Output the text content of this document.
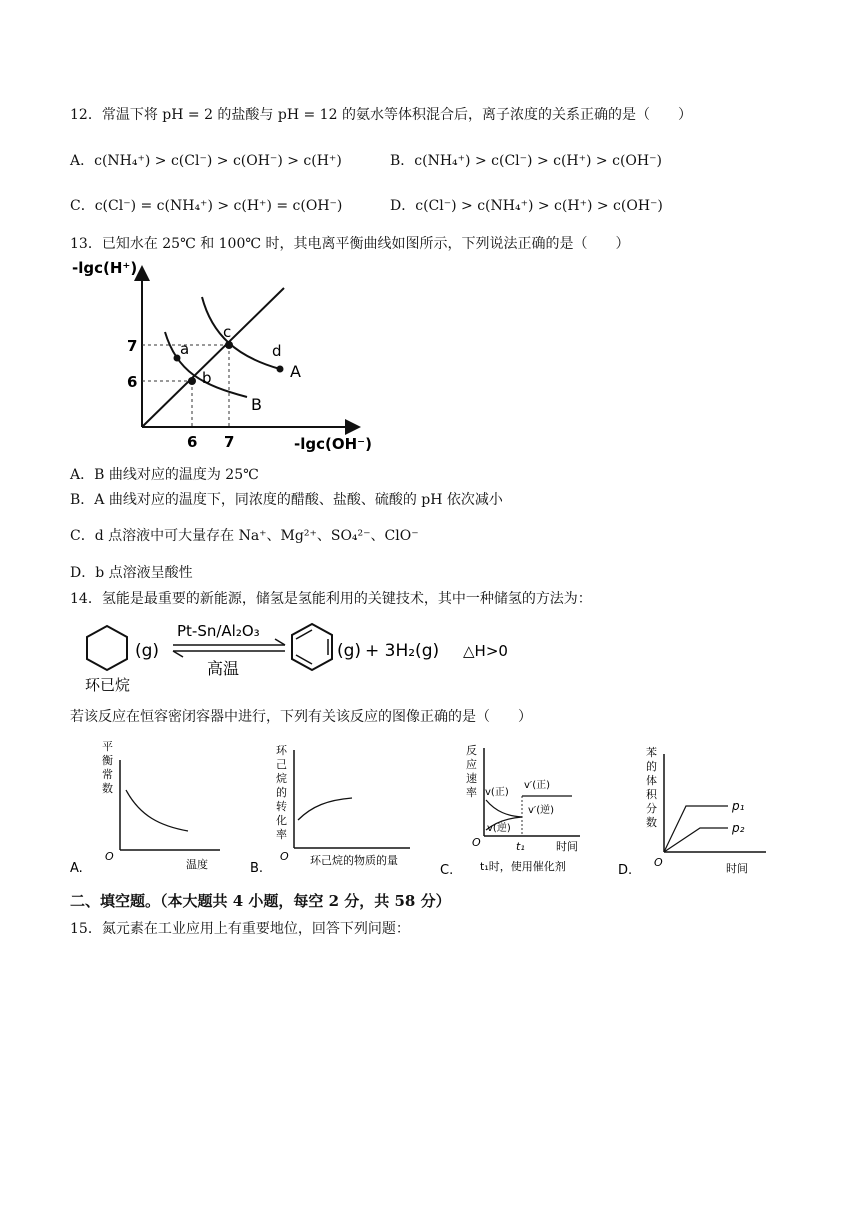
12．常温下将 pH = 2 的盐酸与 pH = 12 的氨水等体积混合后，离子浓度的关系正确的是（　　）
A．c(NH₄⁺) > c(Cl⁻) > c(OH⁻) > c(H⁺)	B．c(NH₄⁺) > c(Cl⁻) > c(H⁺) > c(OH⁻)
C．c(Cl⁻) = c(NH₄⁺) > c(H⁺) = c(OH⁻)	D．c(Cl⁻) > c(NH₄⁺) > c(H⁺) > c(OH⁻)
13．已知水在 25℃ 和 100℃ 时，其电离平衡曲线如图所示，下列说法正确的是（　　）
-lgc(H⁺)
a
b
c
d
A
B
7
6
6 7	-lgc(OH⁻)
A．B 曲线对应的温度为 25℃
B．A 曲线对应的温度下，同浓度的醋酸、盐酸、硫酸的 pH 依次减小
C．d 点溶液中可大量存在 Na⁺、Mg²⁺、SO₄²⁻、ClO⁻
D．b 点溶液呈酸性
14．氢能是最重要的新能源，储氢是氢能利用的关键技术，其中一种储氢的方法为：
(g)
环已烷
Pt-Sn/Al₂O₃
高温
(g) + 3H₂(g) △H>0
若该反应在恒容密闭容器中进行，下列有关该反应的图像正确的是（　　）
平
衡
常
数
O
温度
A.
环
己
烷
的
转
化
率
O 环己烷的物质的量
B.
反
应
速
率 v(正)
v(逆)
v′(正)
v′(逆)
O	t₁	时间
t₁时，使用催化剂
C.
苯
的
体
积
分
数
p₁
p₂
O	时间
D.
二、填空题。（本大题共 4 小题，每空 2 分，共 58 分）
15．氮元素在工业应用上有重要地位，回答下列问题：
